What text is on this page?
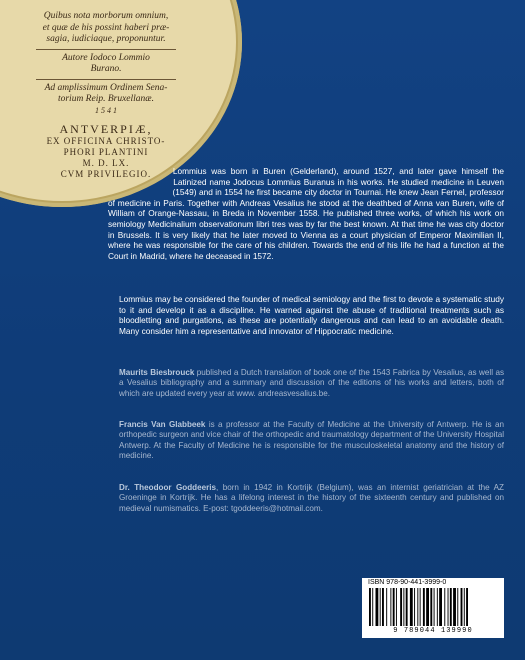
Quibus nota morborum omnium,
et quæ de his possint haberi præ-
sagia, iudiciaque, proponuntur.
Autore Iodoco Lommio
Burano.
Ad amplissimum Ordinem Sena-
torium Reip. Bruxellanæ.
1 5 4 1
ANTVERPIÆ,
EX OFFICINA CHRISTO-
PHORI PLANTINI
M. D. LX.
CVM PRIVILEGIO.	Lommius was born in Buren (Gelderland), around 1527, and later gave himself the Latinized name Jodocus Lommius Buranus in his works. He studied medicine in Leuven (1549) and in 1554 he first became city doctor in Tournai. He knew Jean Fernel, professor of medicine in Paris. Together with Andreas Vesalius he stood at the deathbed of Anna van Buren, wife of William of Orange-Nassau, in Breda in November 1558. He published three works, of which his work on semiology Medicinalium observationum libri tres was by far the best known. At that time he was city doctor in Brussels. It is very likely that he later moved to Vienna as a court physician of Emperor Maximilian II, where he was responsible for the care of his children. Towards the end of his life he had a function at the Court in Madrid, where he deceased in 1572.
Lommius may be considered the founder of medical semiology and the first to devote a systematic study to it and develop it as a discipline. He warned against the abuse of traditional treatments such as bloodletting and purgations, as these are potentially dangerous and can lead to an avoidable death. Many consider him a representative and innovator of Hippocratic medicine.
Maurits Biesbrouck published a Dutch translation of book one of the 1543 Fabrica by Vesalius, as well as a Vesalius bibliography and a summary and discussion of the editions of his works and letters, both of which are updated every year at www. andreasvesalius.be.
Francis Van Glabbeek is a professor at the Faculty of Medicine at the University of Antwerp. He is an orthopedic surgeon and vice chair of the orthopedic and traumatology department of the University Hospital Antwerp. At the Faculty of Medicine he is responsible for the musculoskeletal anatomy and the history of medicine.
Dr. Theodoor Goddeeris, born in 1942 in Kortrijk (Belgium), was an internist geriatrician at the AZ Groeninge in Kortrijk. He has a lifelong interest in the history of the sixteenth century and published on medieval numismatics. E-post: tgoddeeris@hotmail.com.
ISBN 978-90-441-3999-0
9 789044 139990
